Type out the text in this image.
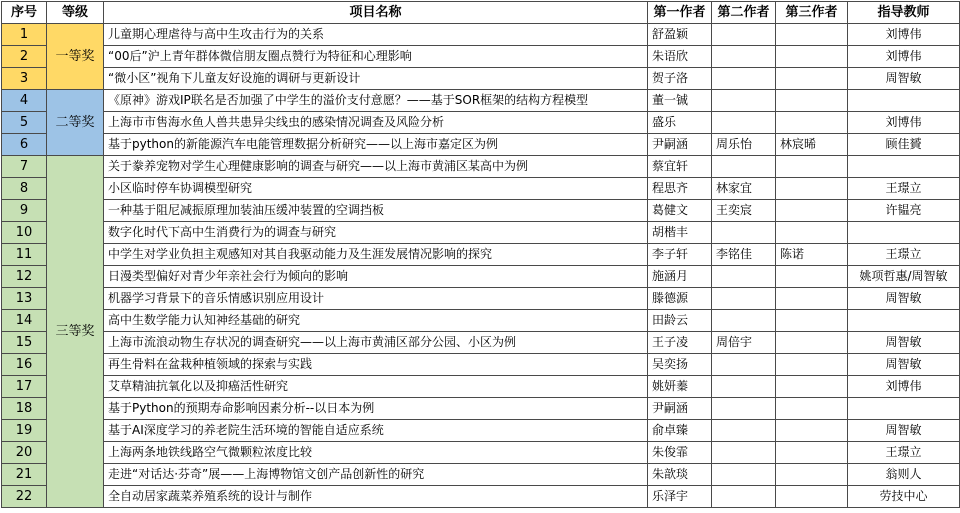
序号	等级	项目名称	第一作者	第二作者	第三作者	指导教师
1	一等奖	儿童期心理虐待与高中生攻击行为的关系	舒盈颖			刘博伟
2		“00后”沪上青年群体微信朋友圈点赞行为特征和心理影响	朱语欣			刘博伟
3		“微小区”视角下儿童友好设施的调研与更新设计	贺子洛			周智敏
4	二等奖	《原神》游戏IP联名是否加强了中学生的溢价支付意愿？——基于SOR框架的结构方程模型	董一铖			
5		上海市市售海水鱼人兽共患异尖线虫的感染情况调查及风险分析	盛乐			刘博伟
6		基于python的新能源汽车电能管理数据分析研究——以上海市嘉定区为例	尹嗣涵	周乐怡	林宸晞	顾佳贇
7	三等奖	关于豢养宠物对学生心理健康影响的调查与研究——以上海市黄浦区某高中为例	蔡宜轩			
8		小区临时停车协调模型研究	程思齐	林家宜		王璟立
9		一种基于阻尼减振原理加装油压缓冲装置的空调挡板	葛健文	王奕宸		许韫亮
10		数字化时代下高中生消费行为的调查与研究	胡楷丰			
11		中学生对学业负担主观感知对其自我驱动能力及生涯发展情况影响的探究	李子轩	李铭佳	陈诺	王璟立
12		日漫类型偏好对青少年亲社会行为倾向的影响	施涵月			姚项哲惠/周智敏
13		机器学习背景下的音乐情感识别应用设计	滕德源			周智敏
14		高中生数学能力认知神经基础的研究	田龄云			
15		上海市流浪动物生存状况的调查研究——以上海市黄浦区部分公园、小区为例	王子凌	周倍宇		周智敏
16		再生骨料在盆栽种植领域的探索与实践	吴奕扬			周智敏
17		艾草精油抗氧化以及抑癌活性研究	姚妍蓁			刘博伟
18		基于Python的预期寿命影响因素分析--以日本为例	尹嗣涵			
19		基于AI深度学习的养老院生活环境的智能自适应系统	俞卓臻			周智敏
20		上海两条地铁线路空气微颗粒浓度比较	朱俊霏			王璟立
21		走进“对话达·芬奇”展——上海博物馆文创产品创新性的研究	朱歆琰			翁则人
22		全自动居家蔬菜养殖系统的设计与制作	乐泽宇			劳技中心
